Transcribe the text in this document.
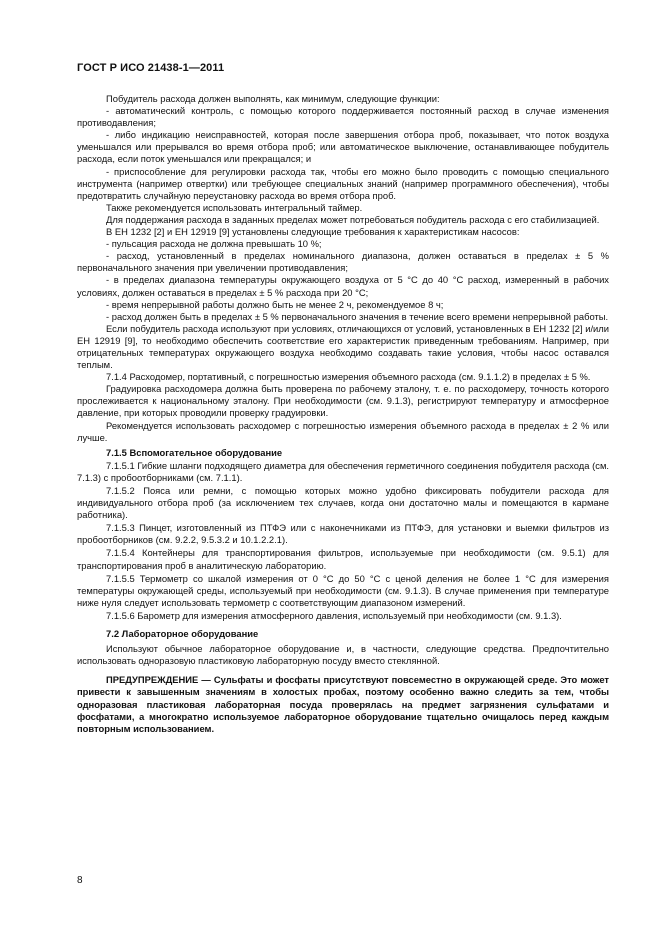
ГОСТ Р ИСО 21438-1—2011

Побудитель расхода должен выполнять, как минимум, следующие функции:

- автоматический контроль, с помощью которого поддерживается постоянный расход в случае изменения противодавления;

- либо индикацию неисправностей, которая после завершения отбора проб, показывает, что поток воздуха уменьшался или прерывался во время отбора проб; или автоматическое выключение, останавливающее побудитель расхода, если поток уменьшался или прекращался; и

- приспособление для регулировки расхода так, чтобы его можно было проводить с помощью специального инструмента (например отвертки) или требующее специальных знаний (например программного обеспечения), чтобы предотвратить случайную переустановку расхода во время отбора проб.

Также рекомендуется использовать интегральный таймер.

Для поддержания расхода в заданных пределах может потребоваться побудитель расхода с его стабилизацией.

В ЕН 1232 [2] и ЕН 12919 [9] установлены следующие требования к характеристикам насосов:

- пульсация расхода не должна превышать 10 %;

- расход, установленный в пределах номинального диапазона, должен оставаться в пределах ± 5 % первоначального значения при увеличении противодавления;

- в пределах диапазона температуры окружающего воздуха от 5 °С до 40 °С расход, измеренный в рабочих условиях, должен оставаться в пределах ± 5 % расхода при 20 °С;

- время непрерывной работы должно быть не менее 2 ч, рекомендуемое 8 ч;

- расход должен быть в пределах ± 5 % первоначального значения в течение всего времени непрерывной работы.

Если побудитель расхода используют при условиях, отличающихся от условий, установленных в ЕН 1232 [2] и/или ЕН 12919 [9], то необходимо обеспечить соответствие его характеристик приведенным требованиям. Например, при отрицательных температурах окружающего воздуха необходимо создавать такие условия, чтобы насос оставался теплым.

7.1.4 Расходомер, портативный, с погрешностью измерения объемного расхода (см. 9.1.1.2) в пределах ± 5 %.

Градуировка расходомера должна быть проверена по рабочему эталону, т. е. по расходомеру, точность которого прослеживается к национальному эталону. При необходимости (см. 9.1.3), регистрируют температуру и атмосферное давление, при которых проводили проверку градуировки.

Рекомендуется использовать расходомер с погрешностью измерения объемного расхода в пределах ± 2 % или лучше.

7.1.5 Вспомогательное оборудование

7.1.5.1 Гибкие шланги подходящего диаметра для обеспечения герметичного соединения побудителя расхода (см. 7.1.3) с пробоотборниками (см. 7.1.1).

7.1.5.2 Пояса или ремни, с помощью которых можно удобно фиксировать побудители расхода для индивидуального отбора проб (за исключением тех случаев, когда они достаточно малы и помещаются в кармане работника).

7.1.5.3 Пинцет, изготовленный из ПТФЭ или с наконечниками из ПТФЭ, для установки и выемки фильтров из пробоотборников (см. 9.2.2, 9.5.3.2 и 10.1.2.2.1).

7.1.5.4 Контейнеры для транспортирования фильтров, используемые при необходимости (см. 9.5.1) для транспортирования проб в аналитическую лабораторию.

7.1.5.5 Термометр со шкалой измерения от 0 °С до 50 °С с ценой деления не более 1 °С для измерения температуры окружающей среды, используемый при необходимости (см. 9.1.3). В случае применения при температуре ниже нуля следует использовать термометр с соответствующим диапазоном измерений.

7.1.5.6 Барометр для измерения атмосферного давления, используемый при необходимости (см. 9.1.3).

7.2 Лабораторное оборудование

Используют обычное лабораторное оборудование и, в частности, следующие средства. Предпочтительно использовать одноразовую пластиковую лабораторную посуду вместо стеклянной.

ПРЕДУПРЕЖДЕНИЕ — Сульфаты и фосфаты присутствуют повсеместно в окружающей среде. Это может привести к завышенным значениям в холостых пробах, поэтому особенно важно следить за тем, чтобы одноразовая пластиковая лабораторная посуда проверялась на предмет загрязнения сульфатами и фосфатами, а многократно используемое лабораторное оборудование тщательно очищалось перед каждым повторным использованием.

8
